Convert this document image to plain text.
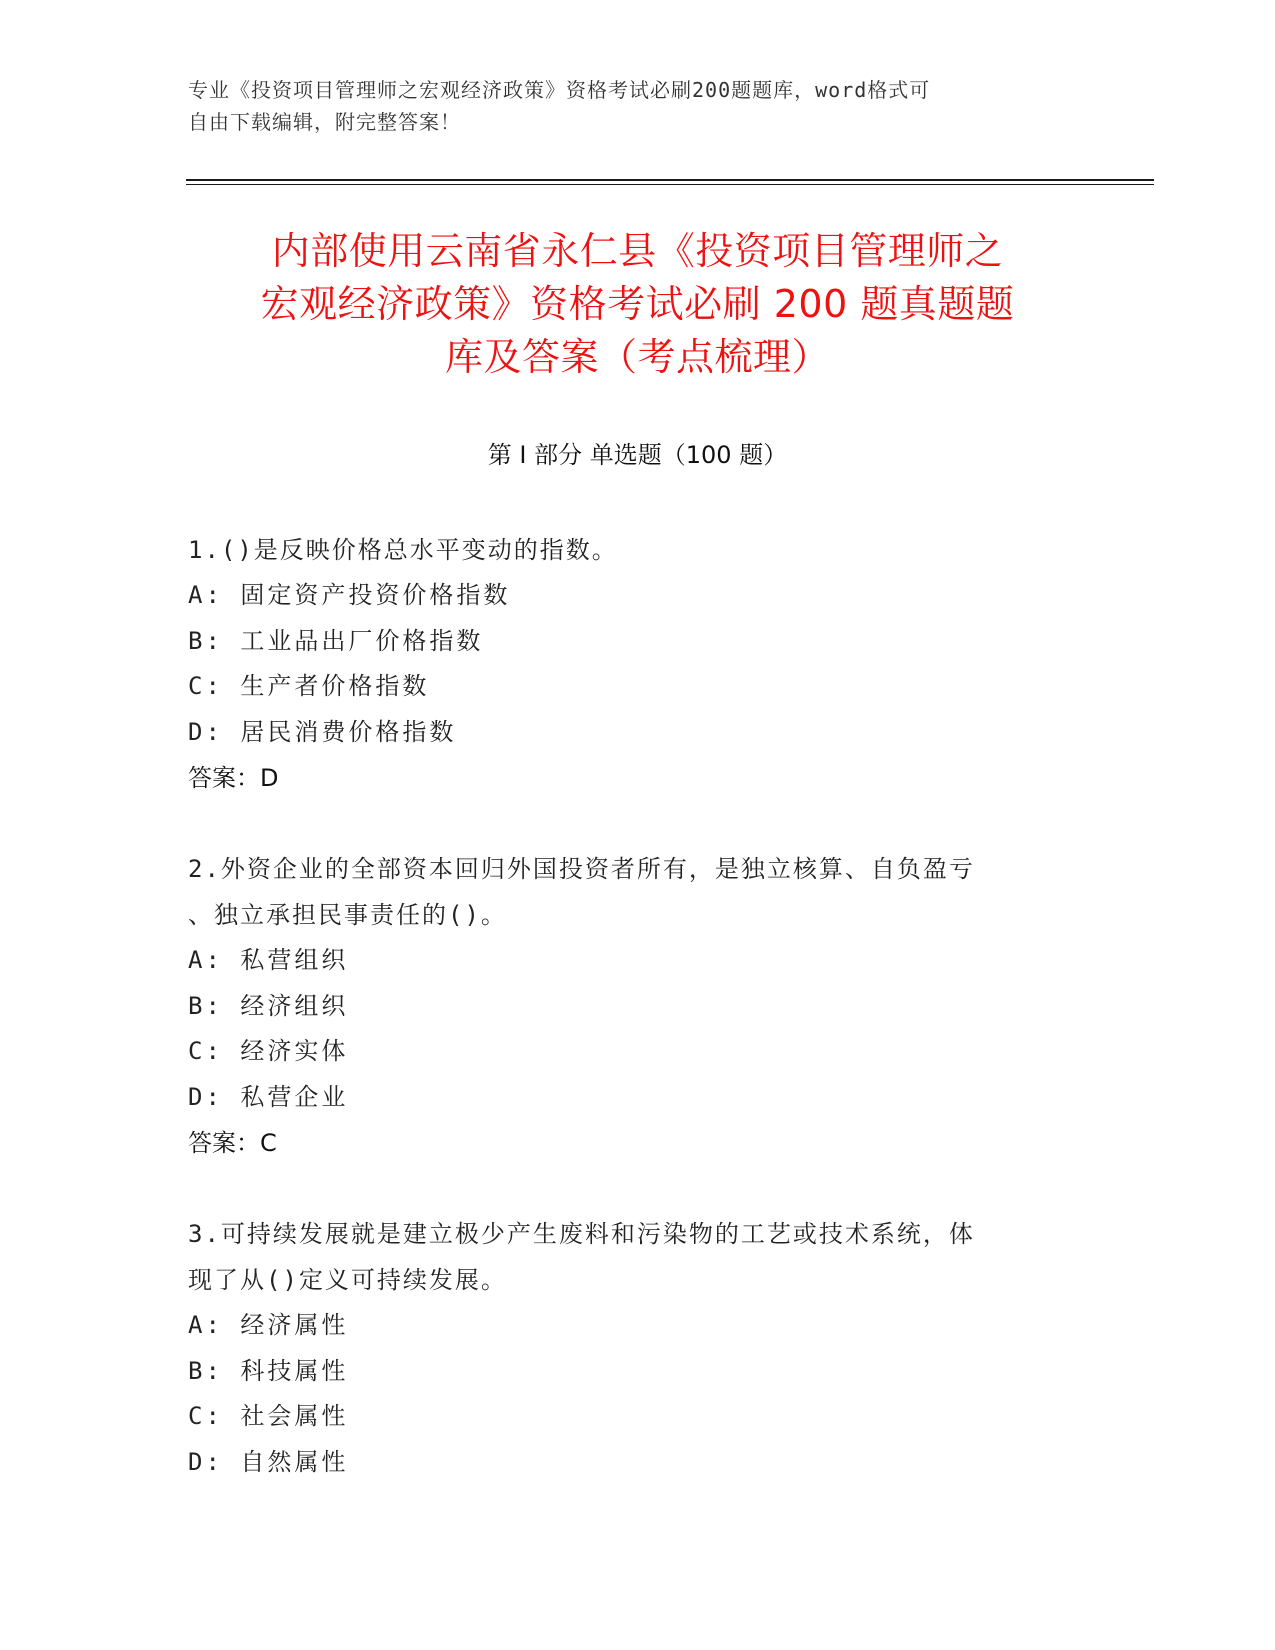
专业《投资项目管理师之宏观经济政策》资格考试必刷200题题库，word格式可
自由下载编辑，附完整答案！
内部使用云南省永仁县《投资项目管理师之
宏观经济政策》资格考试必刷 200 题真题题
库及答案（考点梳理）
第 I 部分 单选题（100 题）
1.()是反映价格总水平变动的指数。
A: 固定资产投资价格指数
B: 工业品出厂价格指数
C: 生产者价格指数
D: 居民消费价格指数
答案：D
2.外资企业的全部资本回归外国投资者所有，是独立核算、自负盈亏
、独立承担民事责任的()。
A: 私营组织
B: 经济组织
C: 经济实体
D: 私营企业
答案：C
3.可持续发展就是建立极少产生废料和污染物的工艺或技术系统，体
现了从()定义可持续发展。
A: 经济属性
B: 科技属性
C: 社会属性
D: 自然属性
